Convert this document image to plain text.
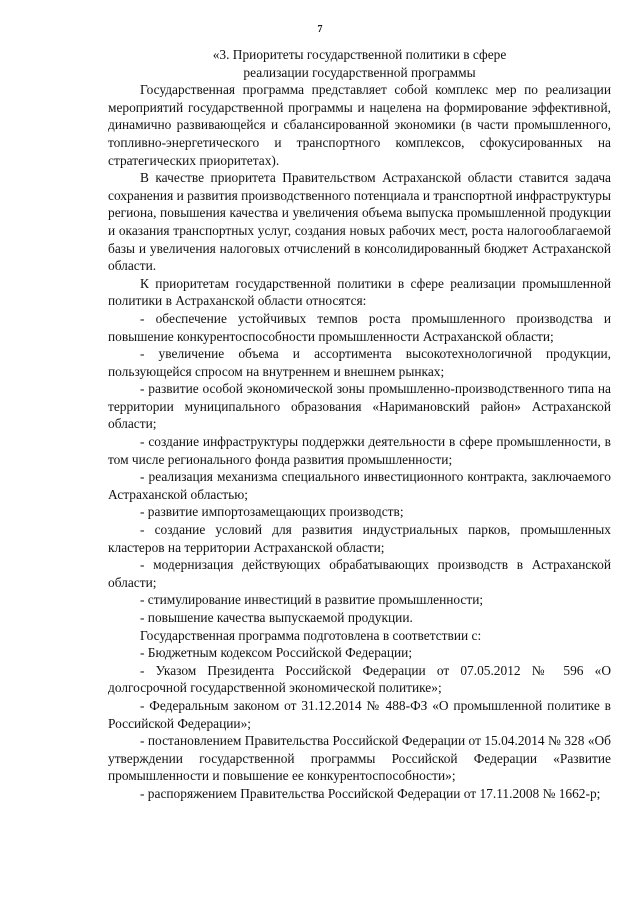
7
«3. Приоритеты государственной политики в сфере
реализации государственной программы

Государственная программа представляет собой комплекс мер по реализации мероприятий государственной программы и нацелена на формирование эффективной, динамично развивающейся и сбалансированной экономики (в части промышленного, топливно-энергетического и транспортного комплексов, сфокусированных на стратегических приоритетах).

В качестве приоритета Правительством Астраханской области ставится задача сохранения и развития производственного потенциала и транспортной инфраструктуры региона, повышения качества и увеличения объема выпуска промышленной продукции и оказания транспортных услуг, создания новых рабочих мест, роста налогооблагаемой базы и увеличения налоговых отчислений в консолидированный бюджет Астраханской области.

К приоритетам государственной политики в сфере реализации промышленной политики в Астраханской области относятся:

- обеспечение устойчивых темпов роста промышленного производства и повышение конкурентоспособности промышленности Астраханской области;

- увеличение объема и ассортимента высокотехнологичной продукции, пользующейся спросом на внутреннем и внешнем рынках;

- развитие особой экономической зоны промышленно-производственного типа на территории муниципального образования «Наримановский район» Астраханской области;

- создание инфраструктуры поддержки деятельности в сфере промышленности, в том числе регионального фонда развития промышленности;

- реализация механизма специального инвестиционного контракта, заключаемого Астраханской областью;

- развитие импортозамещающих производств;

- создание условий для развития индустриальных парков, промышленных кластеров на территории Астраханской области;

- модернизация действующих обрабатывающих производств в Астраханской области;

- стимулирование инвестиций в развитие промышленности;

- повышение качества выпускаемой продукции.

Государственная программа подготовлена в соответствии с:

- Бюджетным кодексом Российской Федерации;

- Указом Президента Российской Федерации от 07.05.2012 № 596 «О долгосрочной государственной экономической политике»;

- Федеральным законом от 31.12.2014 № 488-ФЗ «О промышленной политике в Российской Федерации»;

- постановлением Правительства Российской Федерации от 15.04.2014 № 328 «Об утверждении государственной программы Российской Федерации «Развитие промышленности и повышение ее конкурентоспособности»;

- распоряжением Правительства Российской Федерации от 17.11.2008 № 1662-р;
